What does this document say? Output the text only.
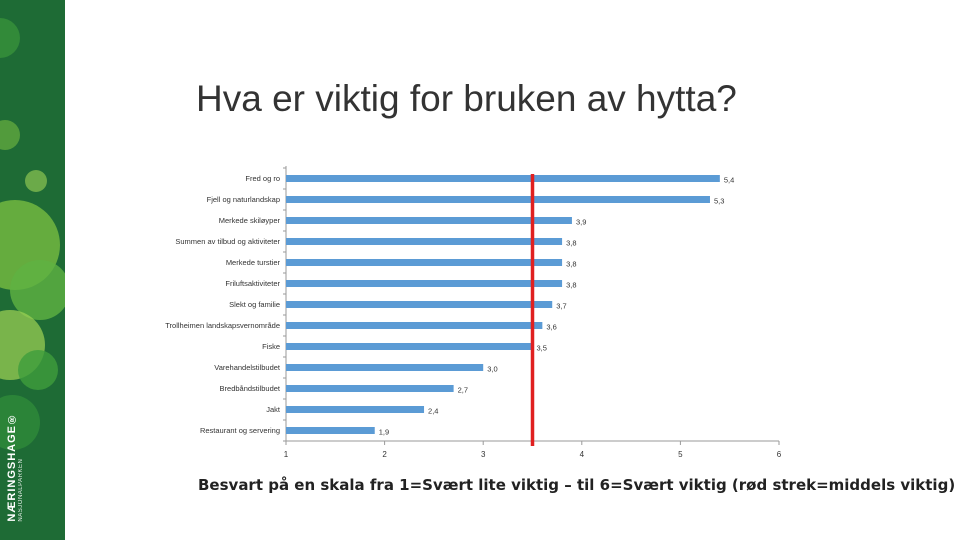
NÆRINGSHAGE® NASJONALPARKEN
Hva er viktig for bruken av hytta?
Fred og ro	5,4
Fjell og naturlandskap	5,3
Merkede skiløyper	3,9
Summen av tilbud og aktiviteter	3,8
Merkede turstier	3,8
Friluftsaktiviteter	3,8
Slekt og familie	3,7
Trollheimen landskapsvernområde	3,6
Fiske	3,5
Varehandelstilbudet	3,0
Bredbåndstilbudet	2,7
Jakt	2,4
Restaurant og servering	1,9
1	2	3	4	5	6

Besvart på en skala fra 1=Svært lite viktig – til 6=Svært viktig (rød strek=middels viktig)
